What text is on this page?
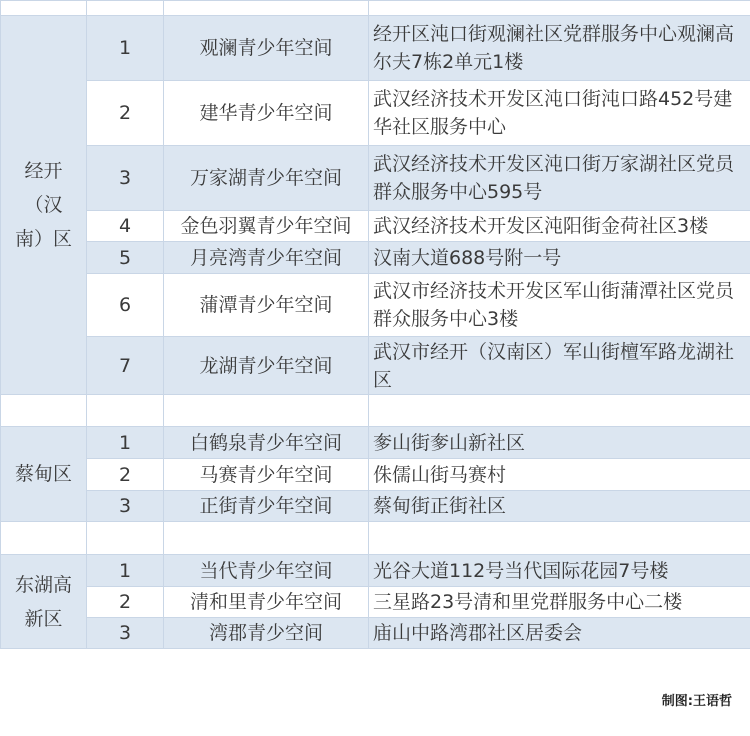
经开
（汉
南）区	1	观澜青少年空间	经开区沌口街观澜社区党群服务中心观澜高尔夫7栋2单元1楼
	2	建华青少年空间	武汉经济技术开发区沌口街沌口路452号建华社区服务中心
	3	万家湖青少年空间	武汉经济技术开发区沌口街万家湖社区党员群众服务中心595号
	4	金色羽翼青少年空间	武汉经济技术开发区沌阳街金荷社区3楼
	5	月亮湾青少年空间	汉南大道688号附一号
	6	蒲潭青少年空间	武汉市经济技术开发区军山街蒲潭社区党员群众服务中心3楼
	7	龙湖青少年空间	武汉市经开（汉南区）军山街檀军路龙湖社区

蔡甸区	1	白鹤泉青少年空间	奓山街奓山新社区
	2	马赛青少年空间	侏儒山街马赛村
	3	正街青少年空间	蔡甸街正街社区

东湖高
新区	1	当代青少年空间	光谷大道112号当代国际花园7号楼
	2	清和里青少年空间	三星路23号清和里党群服务中心二楼
	3	湾郡青少空间	庙山中路湾郡社区居委会
制图:王语哲
